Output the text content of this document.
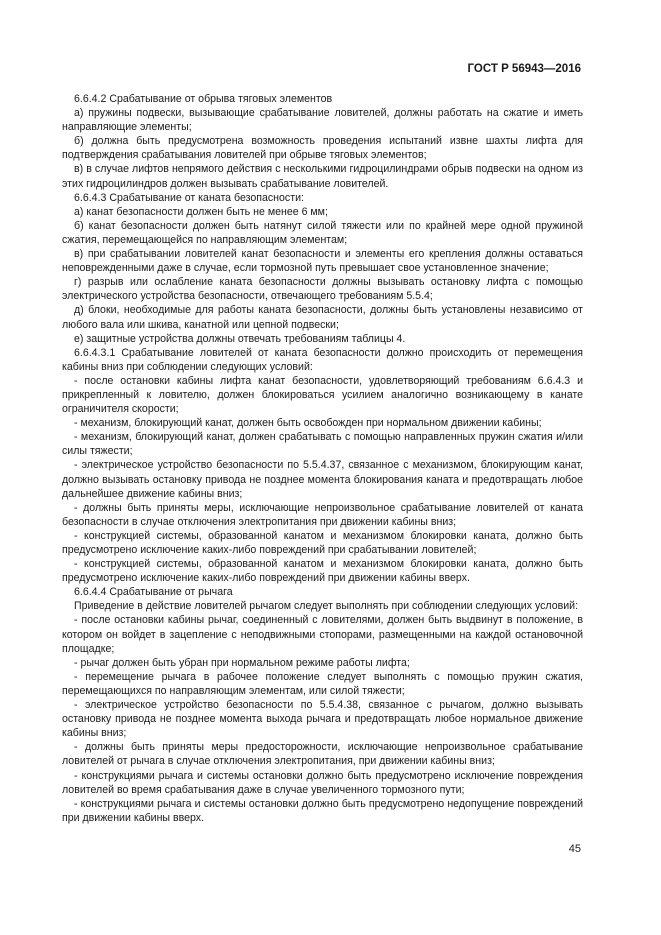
ГОСТ Р 56943—2016

6.6.4.2 Срабатывание от обрыва тяговых элементов

а) пружины подвески, вызывающие срабатывание ловителей, должны работать на сжатие и иметь направляющие элементы;

б) должна быть предусмотрена возможность проведения испытаний извне шахты лифта для подтверждения срабатывания ловителей при обрыве тяговых элементов;

в) в случае лифтов непрямого действия с несколькими гидроцилиндрами обрыв подвески на одном из этих гидроцилиндров должен вызывать срабатывание ловителей.

6.6.4.3 Срабатывание от каната безопасности:

а) канат безопасности должен быть не менее 6 мм;

б) канат безопасности должен быть натянут силой тяжести или по крайней мере одной пружиной сжатия, перемещающейся по направляющим элементам;

в) при срабатывании ловителей канат безопасности и элементы его крепления должны оставаться неповрежденными даже в случае, если тормозной путь превышает свое установленное значение;

г) разрыв или ослабление каната безопасности должны вызывать остановку лифта с помощью электрического устройства безопасности, отвечающего требованиям 5.5.4;

д) блоки, необходимые для работы каната безопасности, должны быть установлены независимо от любого вала или шкива, канатной или цепной подвески;

е) защитные устройства должны отвечать требованиям таблицы 4.

6.6.4.3.1 Срабатывание ловителей от каната безопасности должно происходить от перемещения кабины вниз при соблюдении следующих условий:

- после остановки кабины лифта канат безопасности, удовлетворяющий требованиям 6.6.4.3 и прикрепленный к ловителю, должен блокироваться усилием аналогично возникающему в канате ограничителя скорости;

- механизм, блокирующий канат, должен быть освобожден при нормальном движении кабины;

- механизм, блокирующий канат, должен срабатывать с помощью направленных пружин сжатия и/или силы тяжести;

- электрическое устройство безопасности по 5.5.4.37, связанное с механизмом, блокирующим канат, должно вызывать остановку привода не позднее момента блокирования каната и предотвращать любое дальнейшее движение кабины вниз;

- должны быть приняты меры, исключающие непроизвольное срабатывание ловителей от каната безопасности в случае отключения электропитания при движении кабины вниз;

- конструкцией системы, образованной канатом и механизмом блокировки каната, должно быть предусмотрено исключение каких-либо повреждений при срабатывании ловителей;

- конструкцией системы, образованной канатом и механизмом блокировки каната, должно быть предусмотрено исключение каких-либо повреждений при движении кабины вверх.

6.6.4.4 Срабатывание от рычага

Приведение в действие ловителей рычагом следует выполнять при соблюдении следующих условий:

- после остановки кабины рычаг, соединенный с ловителями, должен быть выдвинут в положение, в котором он войдет в зацепление с неподвижными стопорами, размещенными на каждой остановочной площадке;

- рычаг должен быть убран при нормальном режиме работы лифта;

- перемещение рычага в рабочее положение следует выполнять с помощью пружин сжатия, перемещающихся по направляющим элементам, или силой тяжести;

- электрическое устройство безопасности по 5.5.4.38, связанное с рычагом, должно вызывать остановку привода не позднее момента выхода рычага и предотвращать любое нормальное движение кабины вниз;

- должны быть приняты меры предосторожности, исключающие непроизвольное срабатывание ловителей от рычага в случае отключения электропитания, при движении кабины вниз;

- конструкциями рычага и системы остановки должно быть предусмотрено исключение повреждения ловителей во время срабатывания даже в случае увеличенного тормозного пути;

- конструкциями рычага и системы остановки должно быть предусмотрено недопущение повреждений при движении кабины вверх.

45
